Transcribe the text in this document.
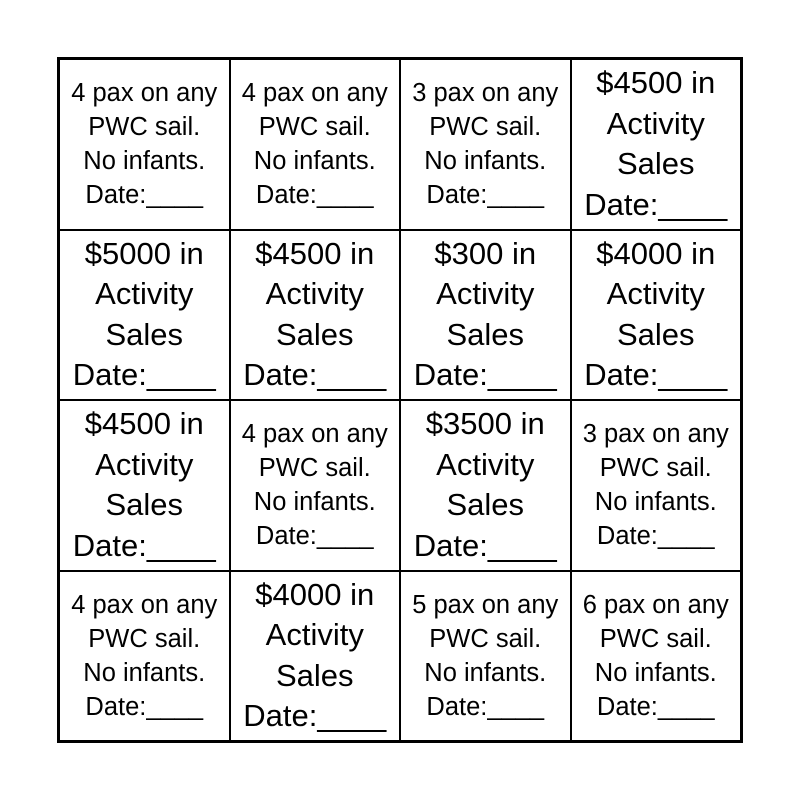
4 pax on any
PWC sail.
No infants.
Date:____
4 pax on any
PWC sail.
No infants.
Date:____
3 pax on any
PWC sail.
No infants.
Date:____
$4500 in
Activity
Sales
Date:____
$5000 in
Activity
Sales
Date:____
$4500 in
Activity
Sales
Date:____
$300 in
Activity
Sales
Date:____
$4000 in
Activity
Sales
Date:____
$4500 in
Activity
Sales
Date:____
4 pax on any
PWC sail.
No infants.
Date:____
$3500 in
Activity
Sales
Date:____
3 pax on any
PWC sail.
No infants.
Date:____
4 pax on any
PWC sail.
No infants.
Date:____
$4000 in
Activity
Sales
Date:____
5 pax on any
PWC sail.
No infants.
Date:____
6 pax on any
PWC sail.
No infants.
Date:____
